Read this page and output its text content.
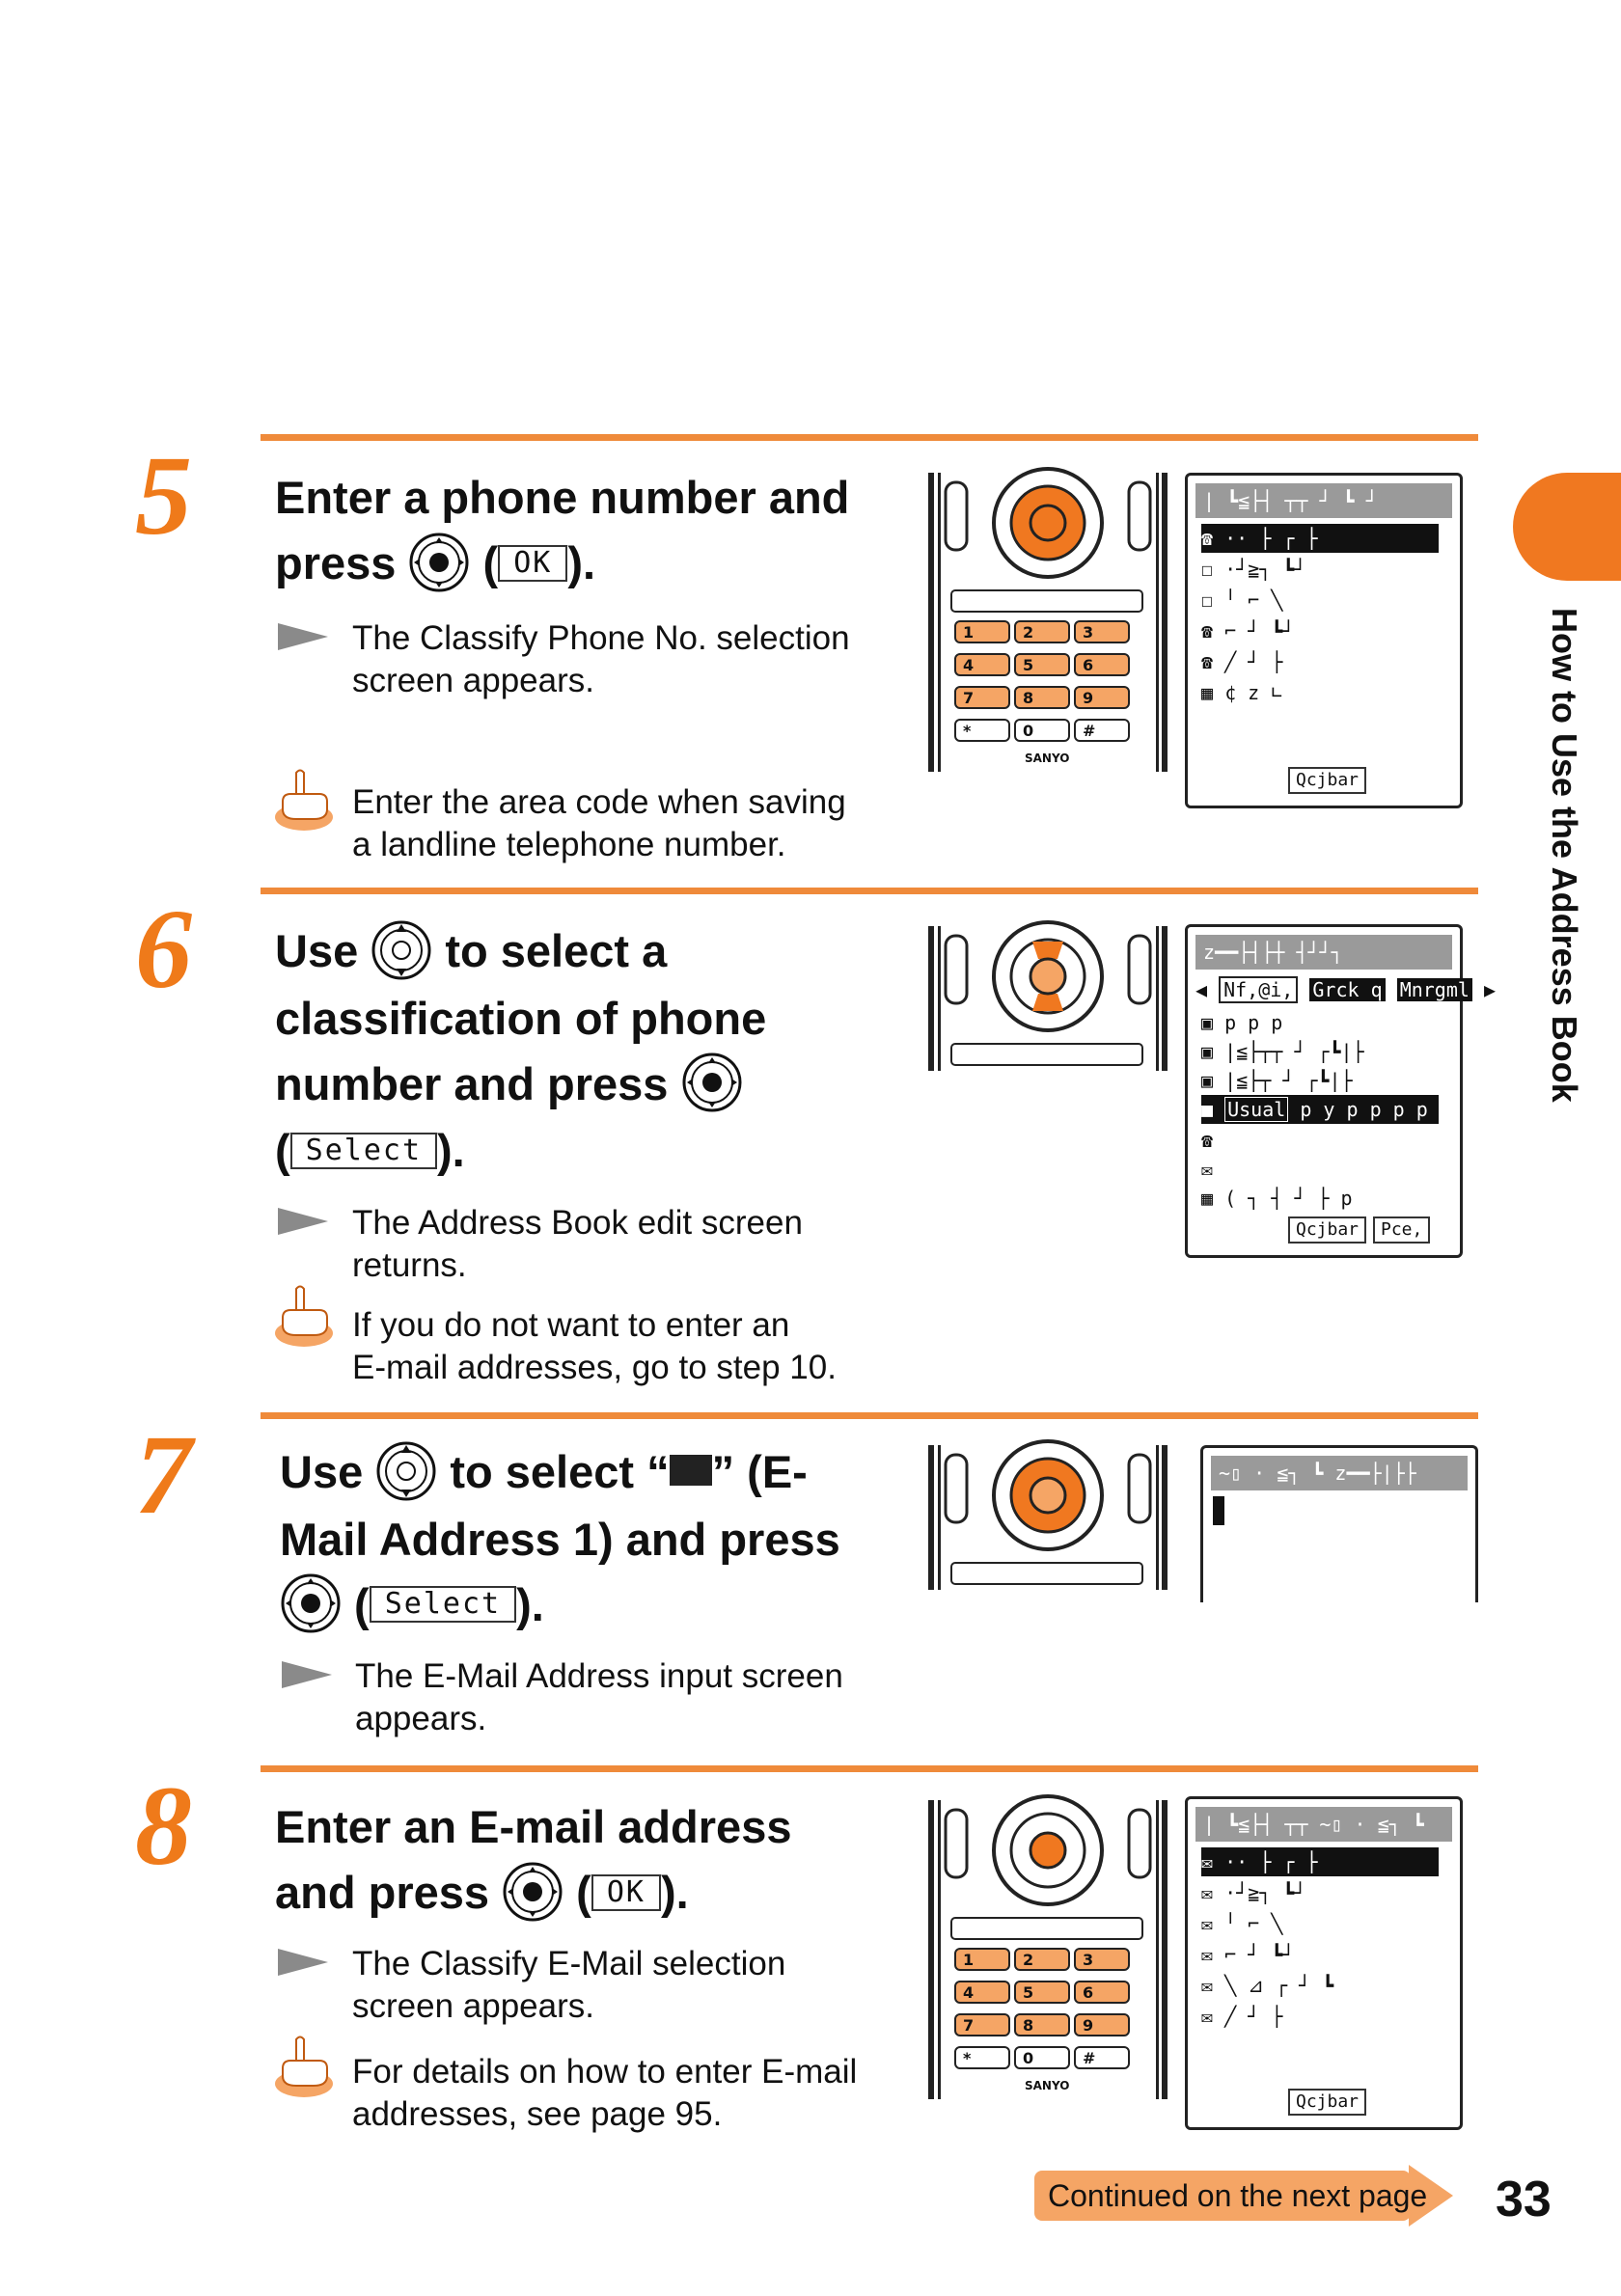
How to Use the Address Book
5 Enter a phone number and
press ( OK ).
The Classify Phone No. selection
screen appears.
Enter the area code when saving
a landline telephone number.
1	2	3
4	5	6
7	8	9
*	0	#
SANYO
| ┗≦├┤ ┬┬ ┘ ┗ ┘
☎ ·· ├ ┌ ├
☐ ·┘≧┐ ┗┘
☐ ╵ ⌐ ╲
☎ ⌐ ┘ ┗┘
☎ ╱ ┘ ├
▦ ¢ z ∟
Qcjbar
6 Use to select a
classification of phone
number and press
( Select ).
The Address Book edit screen
returns.
If you do not want to enter an
E-mail addresses, go to step 10.
z━━├┤├┼ ┤┘┘┐
◀ Nf,@i, Grck q Mnrgml ▶
▣ p p p
▣ |≦├┬┬ ┘ ┌┗|├
▣ |≦├┬ ┘ ┌┗|├
■ Usual p y p p p p q L L L L
☎
✉
▦ ( ┐ ┤ ┘ ├ p
Qcjbar	Pce,
7 Use to select “ ” (E-
Mail Address 1) and press
( Select ).
The E-Mail Address input screen
appears.
~▯ · ≦┐ ┗ z━━├|├├
8 Enter an E-mail address
and press  ( OK ).
The Classify E-Mail selection
screen appears.
For details on how to enter E-mail
addresses, see page 95.
1	2	3
4	5	6
7	8	9
*	0	#
SANYO
| ┗≦├┤ ┬┬ ~▯ · ≦┐ ┗
✉ ·· ├ ┌ ├
✉ ·┘≧┐ ┗┘
✉ ╵ ⌐ ╲
✉ ⌐ ┘ ┗┘
✉ ╲ ⊿ ┌ ┘ ┗
✉ ╱ ┘ ├
Qcjbar
Continued on the next page 33
